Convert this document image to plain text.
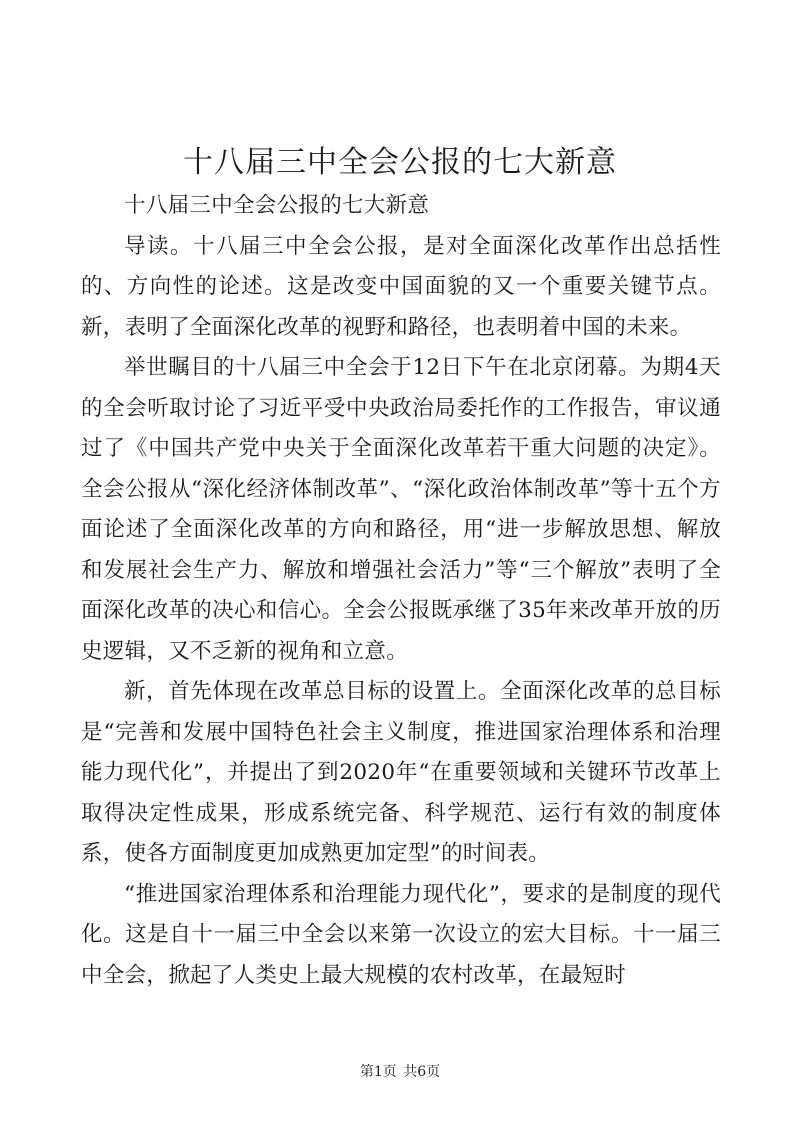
十八届三中全会公报的七大新意

十八届三中全会公报的七大新意

导读。十八届三中全会公报，是对全面深化改革作出总括性的、方向性的论述。这是改变中国面貌的又一个重要关键节点。新，表明了全面深化改革的视野和路径，也表明着中国的未来。

举世瞩目的十八届三中全会于12日下午在北京闭幕。为期4天的全会听取讨论了习近平受中央政治局委托作的工作报告，审议通过了《中国共产党中央关于全面深化改革若干重大问题的决定》。全会公报从“深化经济体制改革”、“深化政治体制改革”等十五个方面论述了全面深化改革的方向和路径，用“进一步解放思想、解放和发展社会生产力、解放和增强社会活力”等“三个解放”表明了全面深化改革的决心和信心。全会公报既承继了35年来改革开放的历史逻辑，又不乏新的视角和立意。

新，首先体现在改革总目标的设置上。全面深化改革的总目标是“完善和发展中国特色社会主义制度，推进国家治理体系和治理能力现代化”，并提出了到2020年“在重要领域和关键环节改革上取得决定性成果，形成系统完备、科学规范、运行有效的制度体系，使各方面制度更加成熟更加定型”的时间表。

“推进国家治理体系和治理能力现代化”，要求的是制度的现代化。这是自十一届三中全会以来第一次设立的宏大目标。十一届三中全会，掀起了人类史上最大规模的农村改革，在最短时

第1页 共6页
